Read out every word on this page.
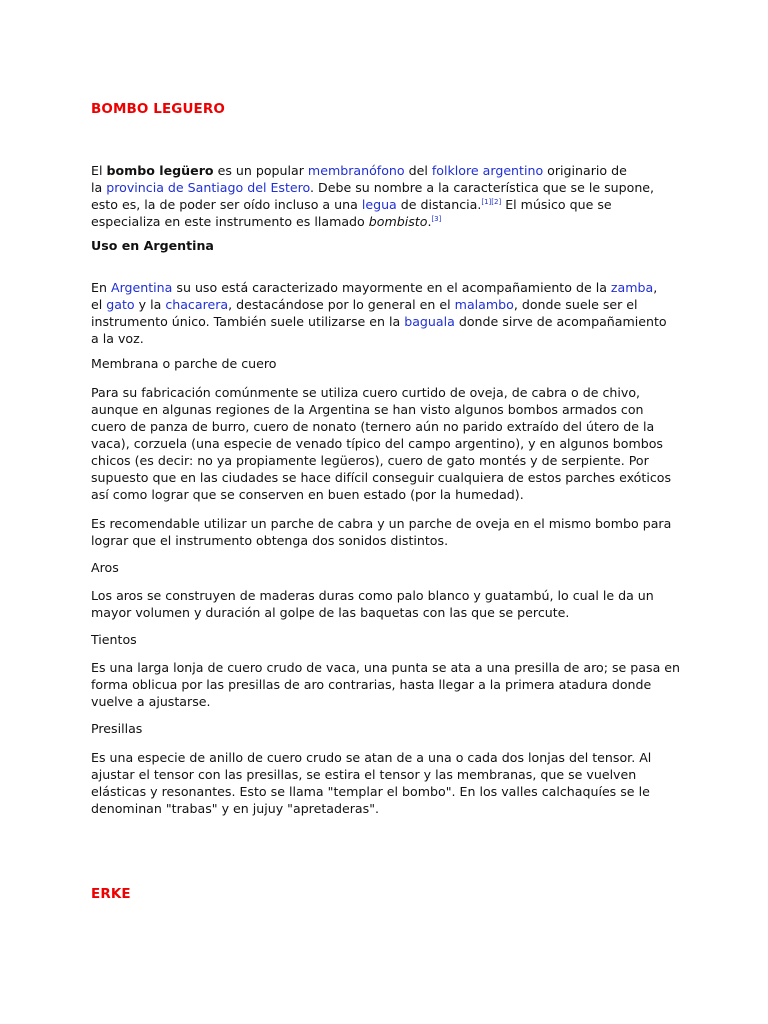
BOMBO LEGUERO

El bombo legüero es un popular membranófono del folklore argentino originario de
la provincia de Santiago del Estero. Debe su nombre a la característica que se le supone,
esto es, la de poder ser oído incluso a una legua de distancia.[1][2] El músico que se
especializa en este instrumento es llamado bombisto.[3]

Uso en Argentina

En Argentina su uso está caracterizado mayormente en el acompañamiento de la zamba,
el gato y la chacarera, destacándose por lo general en el malambo, donde suele ser el
instrumento único. También suele utilizarse en la baguala donde sirve de acompañamiento
a la voz.

Membrana o parche de cuero

Para su fabricación comúnmente se utiliza cuero curtido de oveja, de cabra o de chivo,
aunque en algunas regiones de la Argentina se han visto algunos bombos armados con
cuero de panza de burro, cuero de nonato (ternero aún no parido extraído del útero de la
vaca), corzuela (una especie de venado típico del campo argentino), y en algunos bombos
chicos (es decir: no ya propiamente legüeros), cuero de gato montés y de serpiente. Por
supuesto que en las ciudades se hace difícil conseguir cualquiera de estos parches exóticos
así como lograr que se conserven en buen estado (por la humedad).

Es recomendable utilizar un parche de cabra y un parche de oveja en el mismo bombo para
lograr que el instrumento obtenga dos sonidos distintos.

Aros

Los aros se construyen de maderas duras como palo blanco y guatambú, lo cual le da un
mayor volumen y duración al golpe de las baquetas con las que se percute.

Tientos

Es una larga lonja de cuero crudo de vaca, una punta se ata a una presilla de aro; se pasa en
forma oblicua por las presillas de aro contrarias, hasta llegar a la primera atadura donde
vuelve a ajustarse.

Presillas

Es una especie de anillo de cuero crudo se atan de a una o cada dos lonjas del tensor. Al
ajustar el tensor con las presillas, se estira el tensor y las membranas, que se vuelven
elásticas y resonantes. Esto se llama "templar el bombo". En los valles calchaquíes se le
denominan "trabas" y en jujuy "apretaderas".

ERKE
